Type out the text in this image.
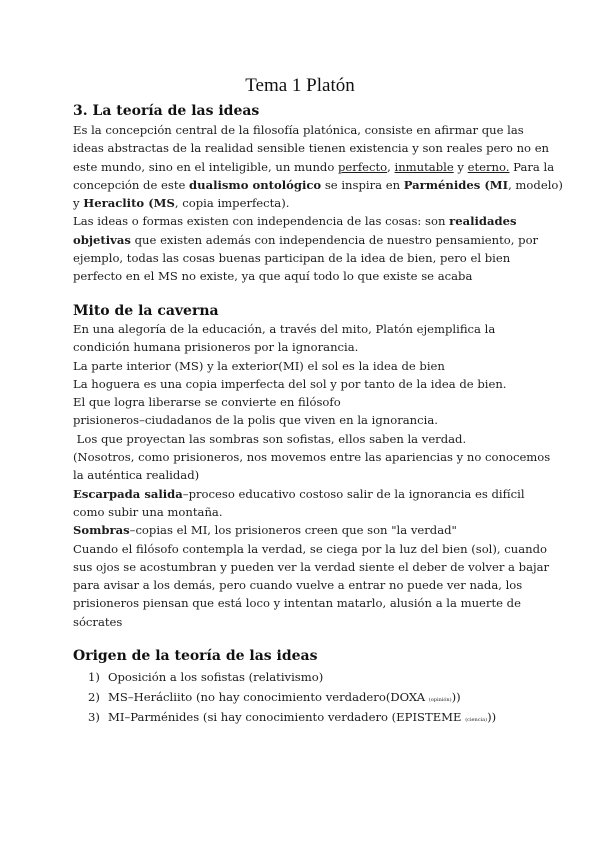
Tema 1 Platón
3. La teoría de las ideas
Es la concepción central de la filosofía platónica, consiste en afirmar que las
ideas abstractas de la realidad sensible tienen existencia y son reales pero no en
este mundo, sino en el inteligible, un mundo perfecto, inmutable y eterno. Para la
concepción de este dualismo ontológico se inspira en Parménides (MI, modelo)
y Heraclito (MS, copia imperfecta).
Las ideas o formas existen con independencia de las cosas: son realidades
objetivas que existen además con independencia de nuestro pensamiento, por
ejemplo, todas las cosas buenas participan de la idea de bien, pero el bien
perfecto en el MS no existe, ya que aquí todo lo que existe se acaba
Mito de la caverna
En una alegoría de la educación, a través del mito, Platón ejemplifica la
condición humana prisioneros por la ignorancia.
La parte interior (MS) y la exterior(MI) el sol es la idea de bien
La hoguera es una copia imperfecta del sol y por tanto de la idea de bien.
El que logra liberarse se convierte en filósofo
prisioneros–ciudadanos de la polis que viven en la ignorancia.
Los que proyectan las sombras son sofistas, ellos saben la verdad.
(Nosotros, como prisioneros, nos movemos entre las apariencias y no conocemos
la auténtica realidad)
Escarpada salida–proceso educativo costoso salir de la ignorancia es difícil
como subir una montaña.
Sombras–copias el MI, los prisioneros creen que son "la verdad"
Cuando el filósofo contempla la verdad, se ciega por la luz del bien (sol), cuando
sus ojos se acostumbran y pueden ver la verdad siente el deber de volver a bajar
para avisar a los demás, pero cuando vuelve a entrar no puede ver nada, los
prisioneros piensan que está loco y intentan matarlo, alusión a la muerte de
sócrates
Origen de la teoría de las ideas
1) Oposición a los sofistas (relativismo)
2) MS–Herácliito (no hay conocimiento verdadero(DOXA (opinión)))
3) MI–Parménides (si hay conocimiento verdadero (EPISTEME (ciencia)))
